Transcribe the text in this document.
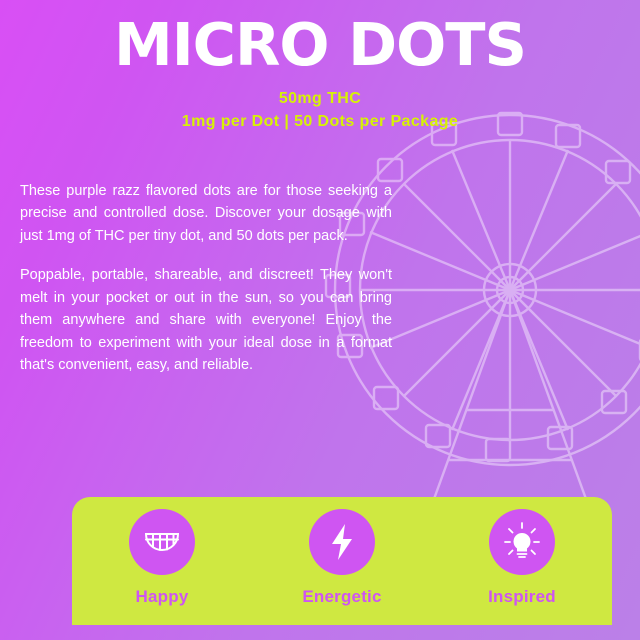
MICRO DOTS
50mg THC
1mg per Dot | 50 Dots per Package

These purple razz flavored dots are for those seeking a precise and controlled dose. Discover your dosage with just 1mg of THC per tiny dot, and 50 dots per pack.

Poppable, portable, shareable, and discreet! They won't melt in your pocket or out in the sun, so you can bring them anywhere and share with everyone! Enjoy the freedom to experiment with your ideal dose in a format that's convenient, easy, and reliable.

Happy	Energetic	Inspired
